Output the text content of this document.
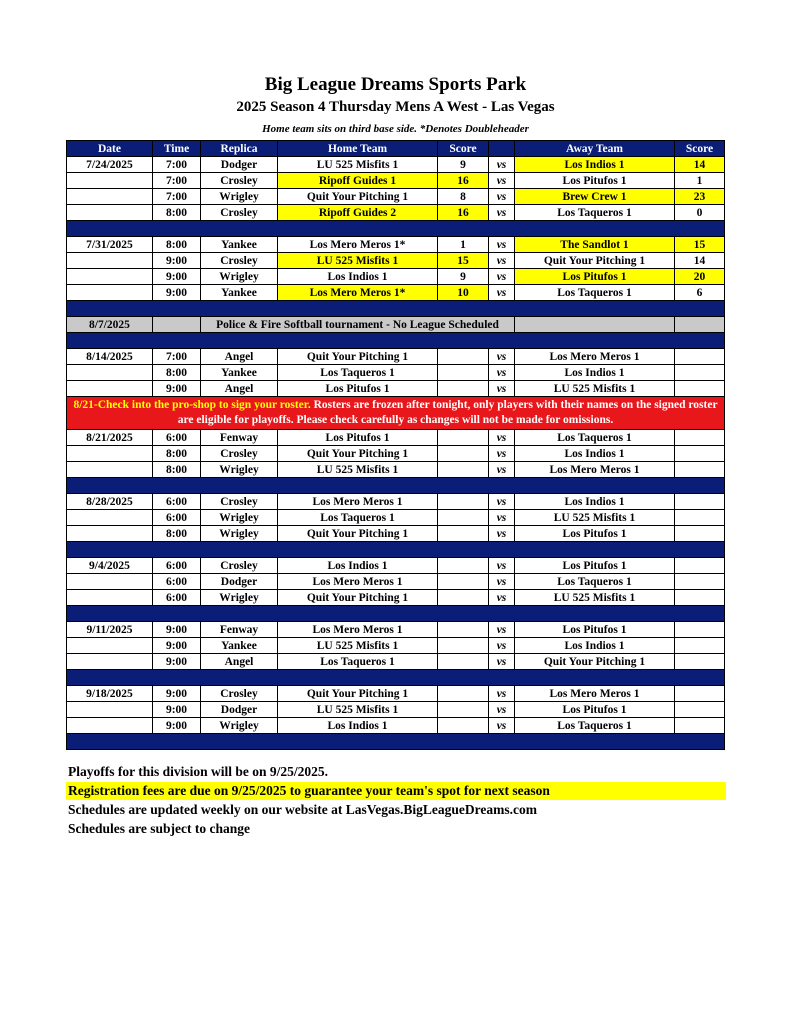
Big League Dreams Sports Park
2025 Season 4 Thursday Mens A West - Las Vegas
Home team sits on third base side. *Denotes Doubleheader
Date	Time	Replica	Home Team	Score		Away Team	Score
7/24/2025	7:00	Dodger	LU 525 Misfits 1	9	vs	Los Indios 1	14
	7:00	Crosley	Ripoff Guides 1	16	vs	Los Pitufos 1	1
	7:00	Wrigley	Quit Your Pitching 1	8	vs	Brew Crew 1	23
	8:00	Crosley	Ripoff Guides 2	16	vs	Los Taqueros 1	0

7/31/2025	8:00	Yankee	Los Mero Meros 1*	1	vs	The Sandlot 1	15
	9:00	Crosley	LU 525 Misfits 1	15	vs	Quit Your Pitching 1	14
	9:00	Wrigley	Los Indios 1	9	vs	Los Pitufos 1	20
	9:00	Yankee	Los Mero Meros 1*	10	vs	Los Taqueros 1	6

8/7/2025		Police & Fire Softball tournament - No League Scheduled					

8/14/2025	7:00	Angel	Quit Your Pitching 1		vs	Los Mero Meros 1	
	8:00	Yankee	Los Taqueros 1		vs	Los Indios 1	
	9:00	Angel	Los Pitufos 1		vs	LU 525 Misfits 1	
8/21-Check into the pro-shop to sign your roster. Rosters are frozen after tonight, only players with their names on the signed roster are eligible for playoffs. Please check carefully as changes will not be made for omissions.							
8/21/2025	6:00	Fenway	Los Pitufos 1		vs	Los Taqueros 1	
	8:00	Crosley	Quit Your Pitching 1		vs	Los Indios 1	
	8:00	Wrigley	LU 525 Misfits 1		vs	Los Mero Meros 1	

8/28/2025	6:00	Crosley	Los Mero Meros 1		vs	Los Indios 1	
	6:00	Wrigley	Los Taqueros 1		vs	LU 525 Misfits 1	
	8:00	Wrigley	Quit Your Pitching 1		vs	Los Pitufos 1	

9/4/2025	6:00	Crosley	Los Indios 1		vs	Los Pitufos 1	
	6:00	Dodger	Los Mero Meros 1		vs	Los Taqueros 1	
	6:00	Wrigley	Quit Your Pitching 1		vs	LU 525 Misfits 1	

9/11/2025	9:00	Fenway	Los Mero Meros 1		vs	Los Pitufos 1	
	9:00	Yankee	LU 525 Misfits 1		vs	Los Indios 1	
	9:00	Angel	Los Taqueros 1		vs	Quit Your Pitching 1	

9/18/2025	9:00	Crosley	Quit Your Pitching 1		vs	Los Mero Meros 1	
	9:00	Dodger	LU 525 Misfits 1		vs	Los Pitufos 1	
	9:00	Wrigley	Los Indios 1		vs	Los Taqueros 1	

Playoffs for this division will be on 9/25/2025.
Registration fees are due on 9/25/2025 to guarantee your team's spot for next season
Schedules are updated weekly on our website at LasVegas.BigLeagueDreams.com
Schedules are subject to change
